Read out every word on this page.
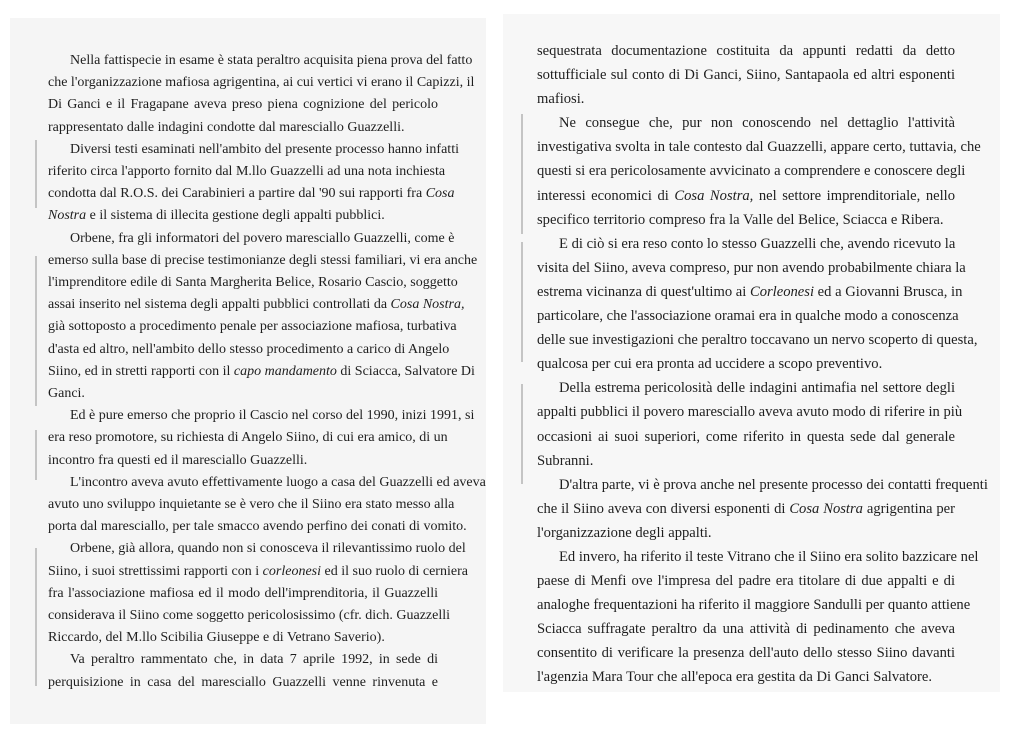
Nella fattispecie in esame è stata peraltro acquisita piena prova del fatto
che l'organizzazione mafiosa agrigentina, ai cui vertici vi erano il Capizzi, il
Di Ganci e il Fragapane aveva preso piena cognizione del pericolo
rappresentato dalle indagini condotte dal maresciallo Guazzelli.
Diversi testi esaminati nell'ambito del presente processo hanno infatti
riferito circa l'apporto fornito dal M.llo Guazzelli ad una nota inchiesta
condotta dal R.O.S. dei Carabinieri a partire dal '90 sui rapporti fra Cosa
Nostra e il sistema di illecita gestione degli appalti pubblici.
Orbene, fra gli informatori del povero maresciallo Guazzelli, come è
emerso sulla base di precise testimonianze degli stessi familiari, vi era anche
l'imprenditore edile di Santa Margherita Belice, Rosario Cascio, soggetto
assai inserito nel sistema degli appalti pubblici controllati da Cosa Nostra,
già sottoposto a procedimento penale per associazione mafiosa, turbativa
d'asta ed altro, nell'ambito dello stesso procedimento a carico di Angelo
Siino, ed in stretti rapporti con il capo mandamento di Sciacca, Salvatore Di
Ganci.
Ed è pure emerso che proprio il Cascio nel corso del 1990, inizi 1991, si
era reso promotore, su richiesta di Angelo Siino, di cui era amico, di un
incontro fra questi ed il maresciallo Guazzelli.
L'incontro aveva avuto effettivamente luogo a casa del Guazzelli ed aveva
avuto uno sviluppo inquietante se è vero che il Siino era stato messo alla
porta dal maresciallo, per tale smacco avendo perfino dei conati di vomito.
Orbene, già allora, quando non si conosceva il rilevantissimo ruolo del
Siino, i suoi strettissimi rapporti con i corleonesi ed il suo ruolo di cerniera
fra l'associazione mafiosa ed il modo dell'imprenditoria, il Guazzelli
considerava il Siino come soggetto pericolosissimo (cfr. dich. Guazzelli
Riccardo, del M.llo Scibilia Giuseppe e di Vetrano Saverio).
Va peraltro rammentato che, in data 7 aprile 1992, in sede di
perquisizione in casa del maresciallo Guazzelli venne rinvenuta e
sequestrata documentazione costituita da appunti redatti da detto
sottufficiale sul conto di Di Ganci, Siino, Santapaola ed altri esponenti
mafiosi.
Ne consegue che, pur non conoscendo nel dettaglio l'attività
investigativa svolta in tale contesto dal Guazzelli, appare certo, tuttavia, che
questi si era pericolosamente avvicinato a comprendere e conoscere degli
interessi economici di Cosa Nostra, nel settore imprenditoriale, nello
specifico territorio compreso fra la Valle del Belice, Sciacca e Ribera.
E di ciò si era reso conto lo stesso Guazzelli che, avendo ricevuto la
visita del Siino, aveva compreso, pur non avendo probabilmente chiara la
estrema vicinanza di quest'ultimo ai Corleonesi ed a Giovanni Brusca, in
particolare, che l'associazione oramai era in qualche modo a conoscenza
delle sue investigazioni che peraltro toccavano un nervo scoperto di questa,
qualcosa per cui era pronta ad uccidere a scopo preventivo.
Della estrema pericolosità delle indagini antimafia nel settore degli
appalti pubblici il povero maresciallo aveva avuto modo di riferire in più
occasioni ai suoi superiori, come riferito in questa sede dal generale
Subranni.
D'altra parte, vi è prova anche nel presente processo dei contatti frequenti
che il Siino aveva con diversi esponenti di Cosa Nostra agrigentina per
l'organizzazione degli appalti.
Ed invero, ha riferito il teste Vitrano che il Siino era solito bazzicare nel
paese di Menfi ove l'impresa del padre era titolare di due appalti e di
analoghe frequentazioni ha riferito il maggiore Sandulli per quanto attiene
Sciacca suffragate peraltro da una attività di pedinamento che aveva
consentito di verificare la presenza dell'auto dello stesso Siino davanti
l'agenzia Mara Tour che all'epoca era gestita da Di Ganci Salvatore.
